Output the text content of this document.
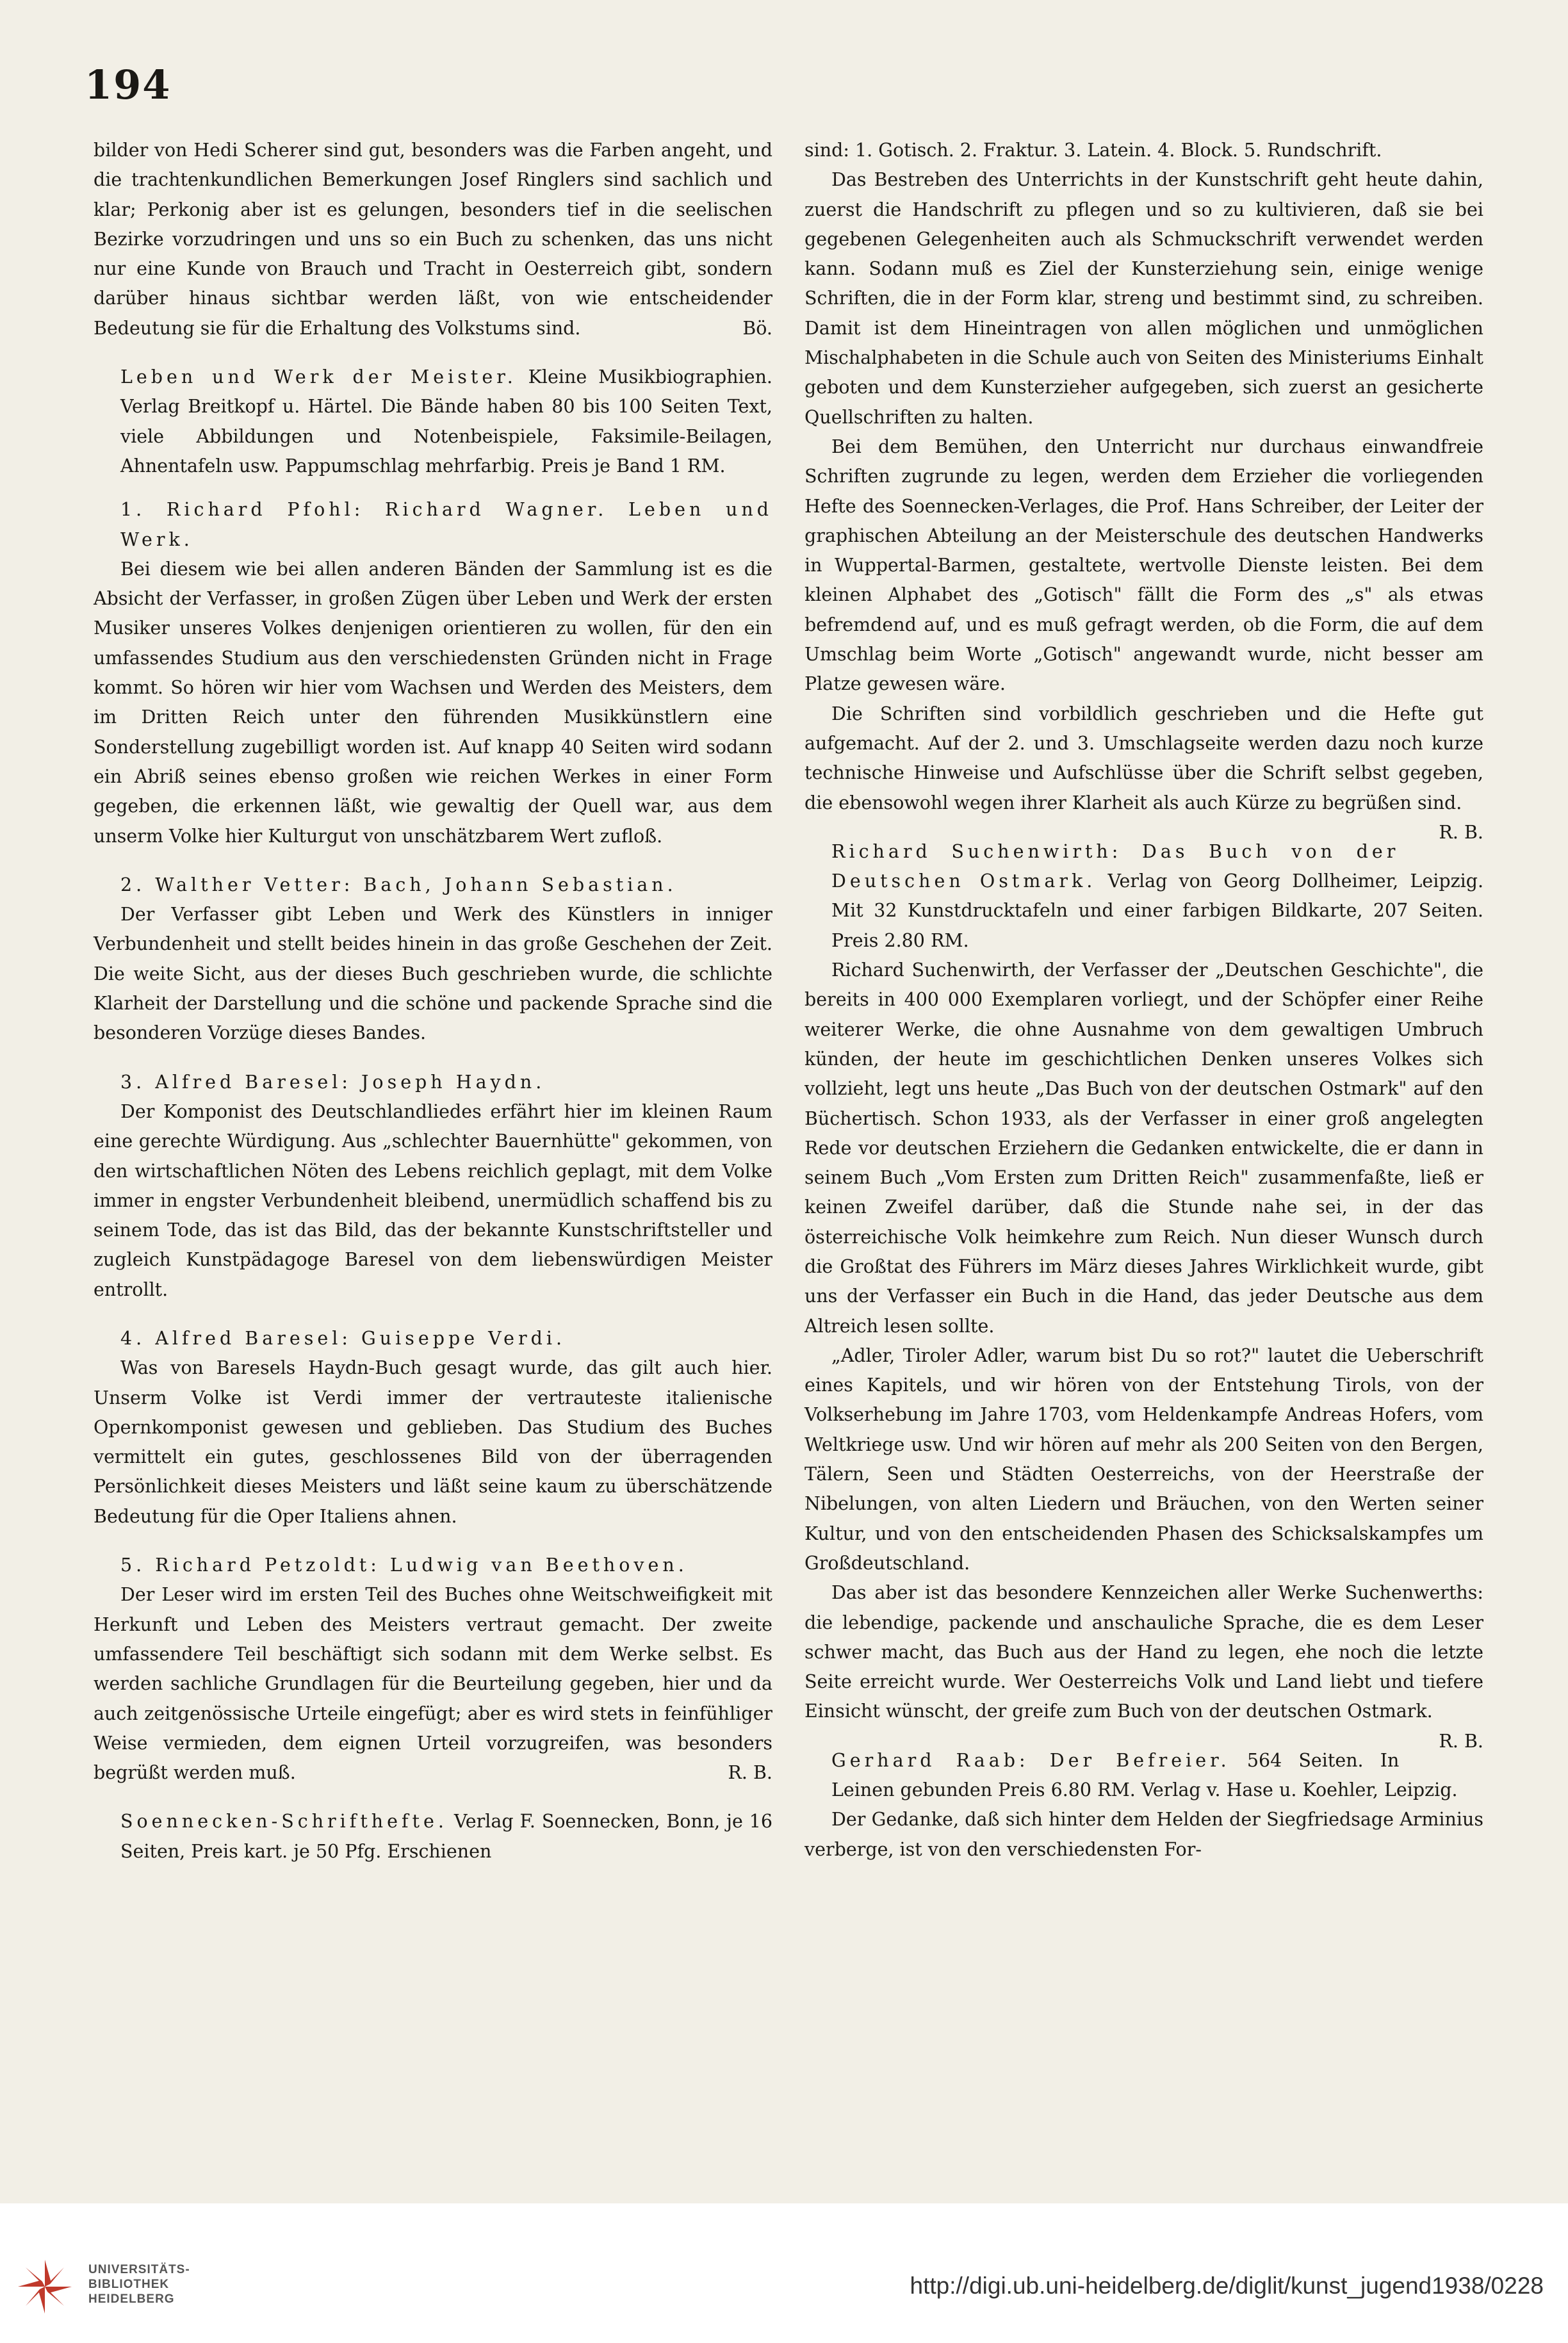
194

bilder von Hedi Scherer sind gut, besonders was die Farben angeht, und die trachtenkundlichen Bemerkungen Josef Ringlers sind sachlich und klar; Perkonig aber ist es gelungen, besonders tief in die seelischen Bezirke vorzudringen und uns so ein Buch zu schenken, das uns nicht nur eine Kunde von Brauch und Tracht in Oesterreich gibt, sondern darüber hinaus sichtbar werden läßt, von wie entscheidender Bedeutung sie für die Erhaltung des Volkstums sind.	Bö.

Leben und Werk der Meister. Kleine Musikbiographien. Verlag Breitkopf u. Härtel. Die Bände haben 80 bis 100 Seiten Text, viele Abbildungen und Notenbeispiele, Faksimile-Beilagen, Ahnentafeln usw. Pappumschlag mehrfarbig. Preis je Band 1 RM.

1. Richard Pfohl: Richard Wagner. Leben und Werk.

Bei diesem wie bei allen anderen Bänden der Sammlung ist es die Absicht der Verfasser, in großen Zügen über Leben und Werk der ersten Musiker unseres Volkes denjenigen orientieren zu wollen, für den ein umfassendes Studium aus den verschiedensten Gründen nicht in Frage kommt. So hören wir hier vom Wachsen und Werden des Meisters, dem im Dritten Reich unter den führenden Musikkünstlern eine Sonderstellung zugebilligt worden ist. Auf knapp 40 Seiten wird sodann ein Abriß seines ebenso großen wie reichen Werkes in einer Form gegeben, die erkennen läßt, wie gewaltig der Quell war, aus dem unserm Volke hier Kulturgut von unschätzbarem Wert zufloß.

2. Walther Vetter: Bach, Johann Sebastian.

Der Verfasser gibt Leben und Werk des Künstlers in inniger Verbundenheit und stellt beides hinein in das große Geschehen der Zeit. Die weite Sicht, aus der dieses Buch geschrieben wurde, die schlichte Klarheit der Darstellung und die schöne und packende Sprache sind die besonderen Vorzüge dieses Bandes.

3. Alfred Baresel: Joseph Haydn.

Der Komponist des Deutschlandliedes erfährt hier im kleinen Raum eine gerechte Würdigung. Aus „schlechter Bauernhütte" gekommen, von den wirtschaftlichen Nöten des Lebens reichlich geplagt, mit dem Volke immer in engster Verbundenheit bleibend, unermüdlich schaffend bis zu seinem Tode, das ist das Bild, das der bekannte Kunstschriftsteller und zugleich Kunstpädagoge Baresel von dem liebenswürdigen Meister entrollt.

4. Alfred Baresel: Guiseppe Verdi.

Was von Baresels Haydn-Buch gesagt wurde, das gilt auch hier. Unserm Volke ist Verdi immer der vertrauteste italienische Opernkomponist gewesen und geblieben. Das Studium des Buches vermittelt ein gutes, geschlossenes Bild von der überragenden Persönlichkeit dieses Meisters und läßt seine kaum zu überschätzende Bedeutung für die Oper Italiens ahnen.

5. Richard Petzoldt: Ludwig van Beethoven.

Der Leser wird im ersten Teil des Buches ohne Weitschweifigkeit mit Herkunft und Leben des Meisters vertraut gemacht. Der zweite umfassendere Teil beschäftigt sich sodann mit dem Werke selbst. Es werden sachliche Grundlagen für die Beurteilung gegeben, hier und da auch zeitgenössische Urteile eingefügt; aber es wird stets in feinfühliger Weise vermieden, dem eignen Urteil vorzugreifen, was besonders begrüßt werden muß.	R. B.

Soennecken-Schrifthefte. Verlag F. Soennecken, Bonn, je 16 Seiten, Preis kart. je 50 Pfg. Erschienen

sind: 1. Gotisch. 2. Fraktur. 3. Latein. 4. Block. 5. Rundschrift.

Das Bestreben des Unterrichts in der Kunstschrift geht heute dahin, zuerst die Handschrift zu pflegen und so zu kultivieren, daß sie bei gegebenen Gelegenheiten auch als Schmuckschrift verwendet werden kann. Sodann muß es Ziel der Kunsterziehung sein, einige wenige Schriften, die in der Form klar, streng und bestimmt sind, zu schreiben. Damit ist dem Hineintragen von allen möglichen und unmöglichen Mischalphabeten in die Schule auch von Seiten des Ministeriums Einhalt geboten und dem Kunsterzieher aufgegeben, sich zuerst an gesicherte Quellschriften zu halten.

Bei dem Bemühen, den Unterricht nur durchaus einwandfreie Schriften zugrunde zu legen, werden dem Erzieher die vorliegenden Hefte des Soennecken-Verlages, die Prof. Hans Schreiber, der Leiter der graphischen Abteilung an der Meisterschule des deutschen Handwerks in Wuppertal-Barmen, gestaltete, wertvolle Dienste leisten. Bei dem kleinen Alphabet des „Gotisch" fällt die Form des „s" als etwas befremdend auf, und es muß gefragt werden, ob die Form, die auf dem Umschlag beim Worte „Gotisch" angewandt wurde, nicht besser am Platze gewesen wäre.

Die Schriften sind vorbildlich geschrieben und die Hefte gut aufgemacht. Auf der 2. und 3. Umschlagseite werden dazu noch kurze technische Hinweise und Aufschlüsse über die Schrift selbst gegeben, die ebensowohl wegen ihrer Klarheit als auch Kürze zu begrüßen sind.
R. B.

Richard Suchenwirth: Das Buch von der Deutschen Ostmark. Verlag von Georg Dollheimer, Leipzig. Mit 32 Kunstdrucktafeln und einer farbigen Bildkarte, 207 Seiten. Preis 2.80 RM.

Richard Suchenwirth, der Verfasser der „Deutschen Geschichte", die bereits in 400 000 Exemplaren vorliegt, und der Schöpfer einer Reihe weiterer Werke, die ohne Ausnahme von dem gewaltigen Umbruch künden, der heute im geschichtlichen Denken unseres Volkes sich vollzieht, legt uns heute „Das Buch von der deutschen Ostmark" auf den Büchertisch. Schon 1933, als der Verfasser in einer groß angelegten Rede vor deutschen Erziehern die Gedanken entwickelte, die er dann in seinem Buch „Vom Ersten zum Dritten Reich" zusammenfaßte, ließ er keinen Zweifel darüber, daß die Stunde nahe sei, in der das österreichische Volk heimkehre zum Reich. Nun dieser Wunsch durch die Großtat des Führers im März dieses Jahres Wirklichkeit wurde, gibt uns der Verfasser ein Buch in die Hand, das jeder Deutsche aus dem Altreich lesen sollte.

„Adler, Tiroler Adler, warum bist Du so rot?" lautet die Ueberschrift eines Kapitels, und wir hören von der Entstehung Tirols, von der Volkserhebung im Jahre 1703, vom Heldenkampfe Andreas Hofers, vom Weltkriege usw. Und wir hören auf mehr als 200 Seiten von den Bergen, Tälern, Seen und Städten Oesterreichs, von der Heerstraße der Nibelungen, von alten Liedern und Bräuchen, von den Werten seiner Kultur, und von den entscheidenden Phasen des Schicksalskampfes um Großdeutschland.

Das aber ist das besondere Kennzeichen aller Werke Suchenwerths: die lebendige, packende und anschauliche Sprache, die es dem Leser schwer macht, das Buch aus der Hand zu legen, ehe noch die letzte Seite erreicht wurde. Wer Oesterreichs Volk und Land liebt und tiefere Einsicht wünscht, der greife zum Buch von der deutschen Ostmark.
R. B.

Gerhard Raab: Der Befreier. 564 Seiten. In Leinen gebunden Preis 6.80 RM. Verlag v. Hase u. Koehler, Leipzig.

Der Gedanke, daß sich hinter dem Helden der Siegfriedsage Arminius verberge, ist von den verschiedensten For-

UNIVERSITÄTS-
BIBLIOTHEK
HEIDELBERG
http://digi.ub.uni-heidelberg.de/diglit/kunst_jugend1938/0228
